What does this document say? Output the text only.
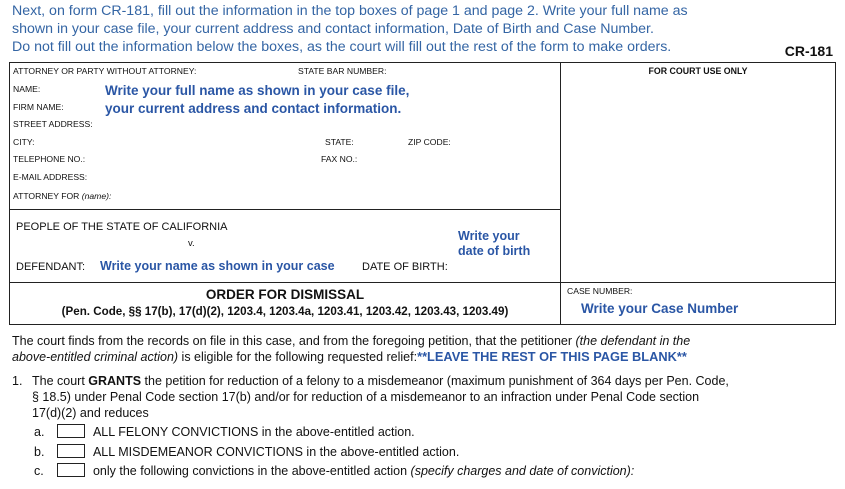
Next, on form CR-181, fill out the information in the top boxes of page 1 and page 2. Write your full name as
shown in your case file, your current address and contact information, Date of Birth and Case Number.
Do not fill out the information below the boxes, as the court will fill out the rest of the form to make orders.	CR-181
ATTORNEY OR PARTY WITHOUT ATTORNEY:	STATE BAR NUMBER:
NAME:
FIRM NAME:
STREET ADDRESS:
CITY:	STATE:	ZIP CODE:
TELEPHONE NO.:	FAX NO.:
E-MAIL ADDRESS:
ATTORNEY FOR (name):
Write your full name as shown in your case file,
your current address and contact information.
FOR COURT USE ONLY
PEOPLE OF THE STATE OF CALIFORNIA
v.
DEFENDANT: Write your name as shown in your case DATE OF BIRTH:
Write your
date of birth
ORDER FOR DISMISSAL
(Pen. Code, §§ 17(b), 17(d)(2), 1203.4, 1203.4a, 1203.41, 1203.42, 1203.43, 1203.49)
CASE NUMBER:
Write your Case Number
The court finds from the records on file in this case, and from the foregoing petition, that the petitioner (the defendant in the
above-entitled criminal action) is eligible for the following requested relief:**LEAVE THE REST OF THIS PAGE BLANK**
1. The court GRANTS the petition for reduction of a felony to a misdemeanor (maximum punishment of 364 days per Pen. Code,
§ 18.5) under Penal Code section 17(b) and/or for reduction of a misdemeanor to an infraction under Penal Code section
17(d)(2) and reduces
a.	ALL FELONY CONVICTIONS in the above-entitled action.
b.	ALL MISDEMEANOR CONVICTIONS in the above-entitled action.
c.	only the following convictions in the above-entitled action (specify charges and date of conviction):
